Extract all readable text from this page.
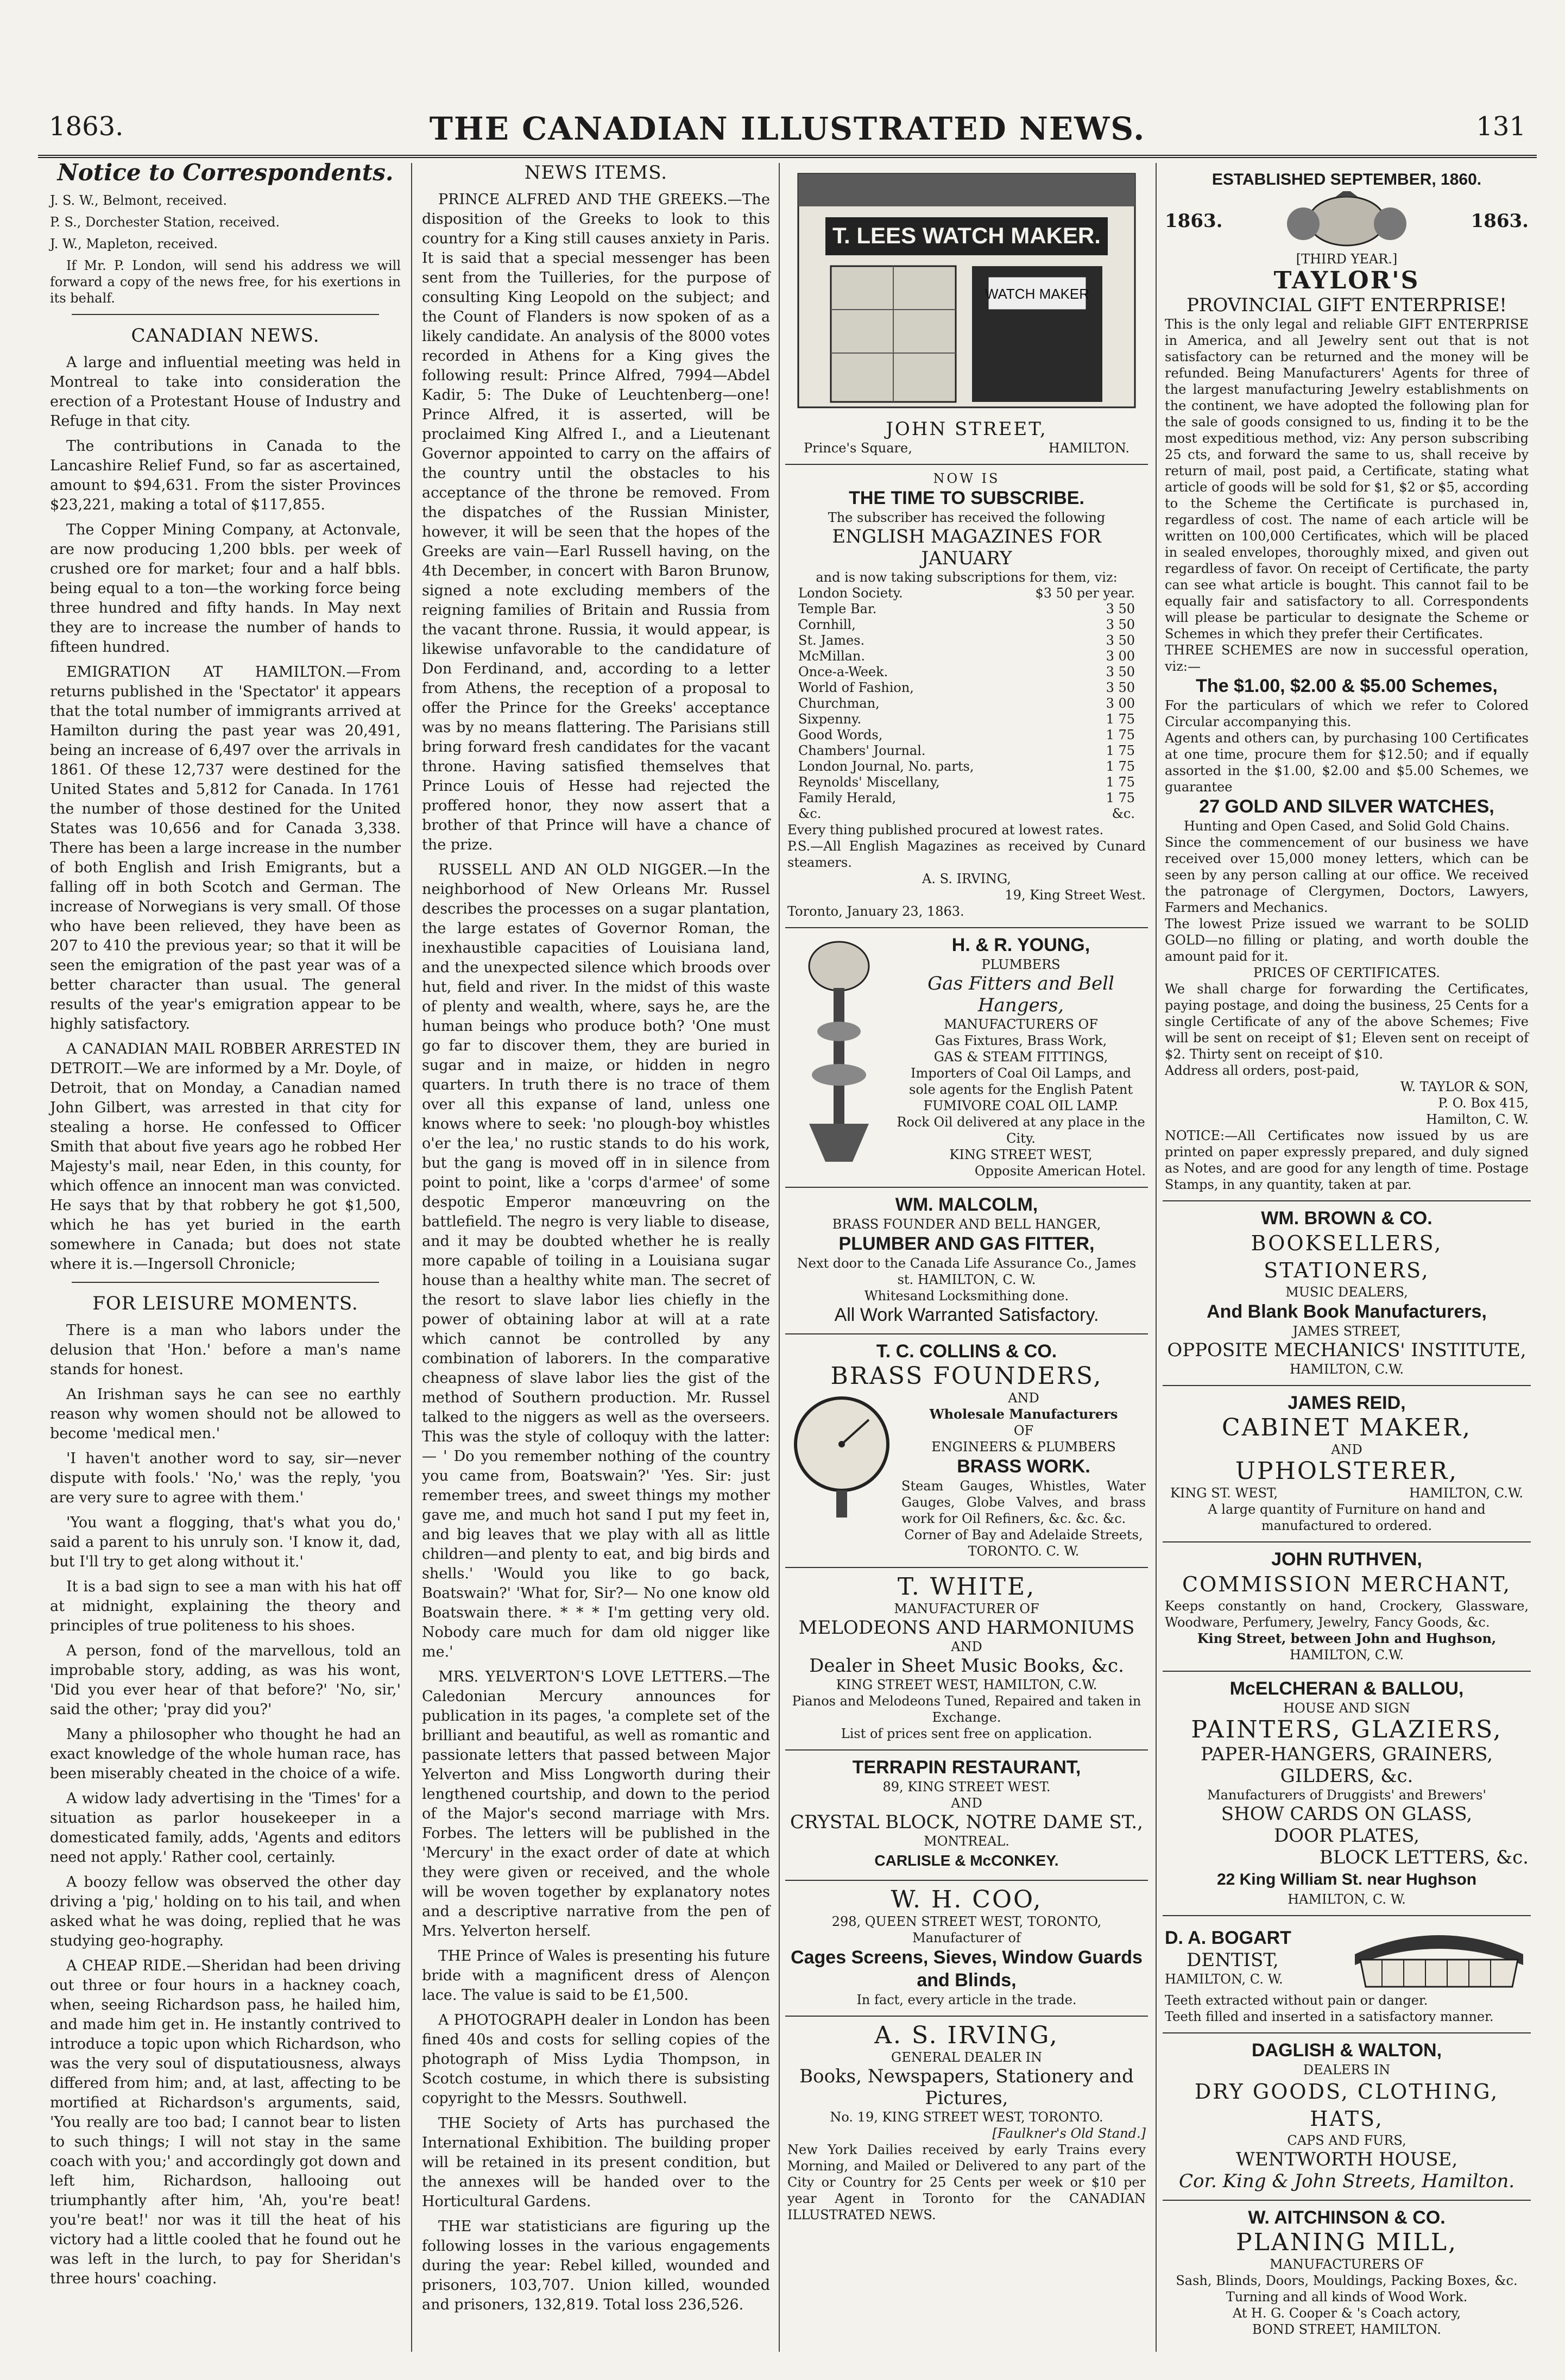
1863.	THE CANADIAN ILLUSTRATED NEWS.	131
Notice to Correspondents.

J. S. W., Belmont, received.

P. S., Dorchester Station, received.

J. W., Mapleton, received.

If Mr. P. London, will send his address we will forward a copy of the news free, for his exertions in its behalf.

CANADIAN NEWS.

A large and influential meeting was held in Montreal to take into consideration the erection of a Protestant House of Industry and Refuge in that city.

The contributions in Canada to the Lancashire Relief Fund, so far as ascertained, amount to $94,631. From the sister Provinces $23,221, making a total of $117,855.

The Copper Mining Company, at Actonvale, are now producing 1,200 bbls. per week of crushed ore for market; four and a half bbls. being equal to a ton—the working force being three hundred and fifty hands. In May next they are to increase the number of hands to fifteen hundred.

EMIGRATION AT HAMILTON.—From returns published in the 'Spectator' it appears that the total number of immigrants arrived at Hamilton during the past year was 20,491, being an increase of 6,497 over the arrivals in 1861. Of these 12,737 were destined for the United States and 5,812 for Canada. In 1761 the number of those destined for the United States was 10,656 and for Canada 3,338. There has been a large increase in the number of both English and Irish Emigrants, but a falling off in both Scotch and German. The increase of Norwegians is very small. Of those who have been relieved, they have been as 207 to 410 the previous year; so that it will be seen the emigration of the past year was of a better character than usual. The general results of the year's emigration appear to be highly satisfactory.

A CANADIAN MAIL ROBBER ARRESTED IN DETROIT.—We are informed by a Mr. Doyle, of Detroit, that on Monday, a Canadian named John Gilbert, was arrested in that city for stealing a horse. He confessed to Officer Smith that about five years ago he robbed Her Majesty's mail, near Eden, in this county, for which offence an innocent man was convicted. He says that by that robbery he got $1,500, which he has yet buried in the earth somewhere in Canada; but does not state where it is.—Ingersoll Chronicle;

FOR LEISURE MOMENTS.

There is a man who labors under the delusion that 'Hon.' before a man's name stands for honest.

An Irishman says he can see no earthly reason why women should not be allowed to become 'medical men.'

'I haven't another word to say, sir—never dispute with fools.' 'No,' was the reply, 'you are very sure to agree with them.'

'You want a flogging, that's what you do,' said a parent to his unruly son. 'I know it, dad, but I'll try to get along without it.'

It is a bad sign to see a man with his hat off at midnight, explaining the theory and principles of true politeness to his shoes.

A person, fond of the marvellous, told an improbable story, adding, as was his wont, 'Did you ever hear of that before?' 'No, sir,' said the other; 'pray did you?'

Many a philosopher who thought he had an exact knowledge of the whole human race, has been miserably cheated in the choice of a wife.

A widow lady advertising in the 'Times' for a situation as parlor housekeeper in a domesticated family, adds, 'Agents and editors need not apply.' Rather cool, certainly.

A boozy fellow was observed the other day driving a 'pig,' holding on to his tail, and when asked what he was doing, replied that he was studying geo-hography.

A CHEAP RIDE.—Sheridan had been driving out three or four hours in a hackney coach, when, seeing Richardson pass, he hailed him, and made him get in. He instantly contrived to introduce a topic upon which Richardson, who was the very soul of disputatiousness, always differed from him; and, at last, affecting to be mortified at Richardson's arguments, said, 'You really are too bad; I cannot bear to listen to such things; I will not stay in the same coach with you;' and accordingly got down and left him, Richardson, hallooing out triumphantly after him, 'Ah, you're beat! you're beat!' nor was it till the heat of his victory had a little cooled that he found out he was left in the lurch, to pay for Sheridan's three hours' coaching.

NEWS ITEMS.

PRINCE ALFRED AND THE GREEKS.—The disposition of the Greeks to look to this country for a King still causes anxiety in Paris. It is said that a special messenger has been sent from the Tuilleries, for the purpose of consulting King Leopold on the subject; and the Count of Flanders is now spoken of as a likely candidate. An analysis of the 8000 votes recorded in Athens for a King gives the following result: Prince Alfred, 7994—Abdel Kadir, 5: The Duke of Leuchtenberg—one! Prince Alfred, it is asserted, will be proclaimed King Alfred I., and a Lieutenant Governor appointed to carry on the affairs of the country until the obstacles to his acceptance of the throne be removed. From the dispatches of the Russian Minister, however, it will be seen that the hopes of the Greeks are vain—Earl Russell having, on the 4th December, in concert with Baron Brunow, signed a note excluding members of the reigning families of Britain and Russia from the vacant throne. Russia, it would appear, is likewise unfavorable to the candidature of Don Ferdinand, and, according to a letter from Athens, the reception of a proposal to offer the Prince for the Greeks' acceptance was by no means flattering. The Parisians still bring forward fresh candidates for the vacant throne. Having satisfied themselves that Prince Louis of Hesse had rejected the proffered honor, they now assert that a brother of that Prince will have a chance of the prize.

RUSSELL AND AN OLD NIGGER.—In the neighborhood of New Orleans Mr. Russel describes the processes on a sugar plantation, the large estates of Governor Roman, the inexhaustible capacities of Louisiana land, and the unexpected silence which broods over hut, field and river. In the midst of this waste of plenty and wealth, where, says he, are the human beings who produce both? 'One must go far to discover them, they are buried in sugar and in maize, or hidden in negro quarters. In truth there is no trace of them over all this expanse of land, unless one knows where to seek: 'no plough-boy whistles o'er the lea,' no rustic stands to do his work, but the gang is moved off in in silence from point to point, like a 'corps d'armee' of some despotic Emperor manœuvring on the battlefield. The negro is very liable to disease, and it may be doubted whether he is really more capable of toiling in a Louisiana sugar house than a healthy white man. The secret of the resort to slave labor lies chiefly in the power of obtaining labor at will at a rate which cannot be controlled by any combination of laborers. In the comparative cheapness of slave labor lies the gist of the method of Southern production. Mr. Russel talked to the niggers as well as the overseers. This was the style of colloquy with the latter:— ' Do you remember nothing of the country you came from, Boatswain?' 'Yes. Sir: just remember trees, and sweet things my mother gave me, and much hot sand I put my feet in, and big leaves that we play with all as little children—and plenty to eat, and big birds and shells.' 'Would you like to go back, Boatswain?' 'What for, Sir?— No one know old Boatswain there. * * * I'm getting very old. Nobody care much for dam old nigger like me.'

MRS. YELVERTON'S LOVE LETTERS.—The Caledonian Mercury announces for publication in its pages, 'a complete set of the brilliant and beautiful, as well as romantic and passionate letters that passed between Major Yelverton and Miss Longworth during their lengthened courtship, and down to the period of the Major's second marriage with Mrs. Forbes. The letters will be published in the 'Mercury' in the exact order of date at which they were given or received, and the whole will be woven together by explanatory notes and a descriptive narrative from the pen of Mrs. Yelverton herself.

THE Prince of Wales is presenting his future bride with a magnificent dress of Alençon lace. The value is said to be £1,500.

A PHOTOGRAPH dealer in London has been fined 40s and costs for selling copies of the photograph of Miss Lydia Thompson, in Scotch costume, in which there is subsisting copyright to the Messrs. Southwell.

THE Society of Arts has purchased the International Exhibition. The building proper will be retained in its present condition, but the annexes will be handed over to the Horticultural Gardens.

THE war statisticians are figuring up the following losses in the various engagements during the year: Rebel killed, wounded and prisoners, 103,707. Union killed, wounded and prisoners, 132,819. Total loss 236,526.

T. LEES WATCH MAKER.
WATCH MAKER
JOHN STREET,
Prince's Square,	HAMILTON.
NOW IS
THE TIME TO SUBSCRIBE.
The subscriber has received the following
ENGLISH MAGAZINES FOR JANUARY
and is now taking subscriptions for them, viz:
London Society.	$3 50 per year.
Temple Bar.	3 50
Cornhill,	3 50
St. James.	3 50
McMillan.	3 00
Once-a-Week.	3 50
World of Fashion,	3 50
Churchman,	3 00
Sixpenny.	1 75
Good Words,	1 75
Chambers' Journal.	1 75
London Journal, No. parts,	1 75
Reynolds' Miscellany,	1 75
Family Herald,	1 75
&c.	&c.
Every thing published procured at lowest rates.
P.S.—All English Magazines as received by Cunard steamers.
A. S. IRVING,
19, King Street West.
Toronto, January 23, 1863.
H. & R. YOUNG,
PLUMBERS
Gas Fitters and Bell Hangers,
MANUFACTURERS OF
Gas Fixtures, Brass Work,
GAS & STEAM FITTINGS,
Importers of Coal Oil Lamps, and sole agents for the English Patent
FUMIVORE COAL OIL LAMP.
Rock Oil delivered at any place in the City.
KING STREET WEST,
Opposite American Hotel.
WM. MALCOLM,
BRASS FOUNDER AND BELL HANGER,
PLUMBER AND GAS FITTER,
Next door to the Canada Life Assurance Co., James st. HAMILTON, C. W.
Whitesand Locksmithing done.
All Work Warranted Satisfactory.
T. C. COLLINS & CO.
BRASS FOUNDERS,
AND
Wholesale Manufacturers
OF
ENGINEERS & PLUMBERS
BRASS WORK.
Steam Gauges, Whistles, Water Gauges, Globe Valves, and brass work for Oil Refiners, &c. &c. &c.
Corner of Bay and Adelaide Streets,
TORONTO. C. W.
T. WHITE,
MANUFACTURER OF
MELODEONS AND HARMONIUMS
AND
Dealer in Sheet Music Books, &c.
KING STREET WEST, HAMILTON, C.W.
Pianos and Melodeons Tuned, Repaired and taken in Exchange.
List of prices sent free on application.
TERRAPIN RESTAURANT,
89, KING STREET WEST.
AND
CRYSTAL BLOCK, NOTRE DAME ST.,
MONTREAL.
CARLISLE & McCONKEY.
W. H. COO,
298, QUEEN STREET WEST, TORONTO,
Manufacturer of
Cages Screens, Sieves, Window Guards and Blinds,
In fact, every article in the trade.
A. S. IRVING,
GENERAL DEALER IN
Books, Newspapers, Stationery and Pictures,
No. 19, KING STREET WEST, TORONTO.
[Faulkner's Old Stand.]
New York Dailies received by early Trains every Morning, and Mailed or Delivered to any part of the City or Country for 25 Cents per week or $10 per year Agent in Toronto for the CANADIAN ILLUSTRATED NEWS.
ESTABLISHED SEPTEMBER, 1860.
1863.	1863.
[THIRD YEAR.]
TAYLOR'S
PROVINCIAL GIFT ENTERPRISE!
This is the only legal and reliable GIFT ENTERPRISE in America, and all Jewelry sent out that is not satisfactory can be returned and the money will be refunded. Being Manufacturers' Agents for three of the largest manufacturing Jewelry establishments on the continent, we have adopted the following plan for the sale of goods consigned to us, finding it to be the most expeditious method, viz: Any person subscribing 25 cts, and forward the same to us, shall receive by return of mail, post paid, a Certificate, stating what article of goods will be sold for $1, $2 or $5, according to the Scheme the Certificate is purchased in, regardless of cost. The name of each article will be written on 100,000 Certificates, which will be placed in sealed envelopes, thoroughly mixed, and given out regardless of favor. On receipt of Certificate, the party can see what article is bought. This cannot fail to be equally fair and satisfactory to all. Correspondents will please be particular to designate the Scheme or Schemes in which they prefer their Certificates.
THREE SCHEMES are now in successful operation, viz:—
The $1.00, $2.00 & $5.00 Schemes,
For the particulars of which we refer to Colored Circular accompanying this.
Agents and others can, by purchasing 100 Certificates at one time, procure them for $12.50; and if equally assorted in the $1.00, $2.00 and $5.00 Schemes, we guarantee
27 GOLD AND SILVER WATCHES,
Hunting and Open Cased, and Solid Gold Chains.
Since the commencement of our business we have received over 15,000 money letters, which can be seen by any person calling at our office. We received the patronage of Clergymen, Doctors, Lawyers, Farmers and Mechanics.
The lowest Prize issued we warrant to be SOLID GOLD—no filling or plating, and worth double the amount paid for it.
PRICES OF CERTIFICATES.
We shall charge for forwarding the Certificates, paying postage, and doing the business, 25 Cents for a single Certificate of any of the above Schemes; Five will be sent on receipt of $1; Eleven sent on receipt of $2. Thirty sent on receipt of $10.
Address all orders, post-paid,
W. TAYLOR & SON,
P. O. Box 415,
Hamilton, C. W.
NOTICE:—All Certificates now issued by us are printed on paper expressly prepared, and duly signed as Notes, and are good for any length of time. Postage Stamps, in any quantity, taken at par.
WM. BROWN & CO.
BOOKSELLERS, STATIONERS,
MUSIC DEALERS,
And Blank Book Manufacturers,
JAMES STREET,
OPPOSITE MECHANICS' INSTITUTE,
HAMILTON, C.W.
JAMES REID,
CABINET MAKER,
AND
UPHOLSTERER,
KING ST. WEST,	HAMILTON, C.W.
A large quantity of Furniture on hand and manufactured to ordered.
JOHN RUTHVEN,
COMMISSION MERCHANT,
Keeps constantly on hand, Crockery, Glassware, Woodware, Perfumery, Jewelry, Fancy Goods, &c.
King Street, between John and Hughson,
HAMILTON, C.W.
McELCHERAN & BALLOU,
HOUSE AND SIGN
PAINTERS, GLAZIERS,
PAPER-HANGERS, GRAINERS,
GILDERS, &c.
Manufacturers of Druggists' and Brewers'
SHOW CARDS ON GLASS,
DOOR PLATES,
BLOCK LETTERS, &c.
22 King William St. near Hughson
HAMILTON, C. W.
D. A. BOGART
DENTIST,
HAMILTON, C. W.
Teeth extracted without pain or danger.
Teeth filled and inserted in a satisfactory manner.
DAGLISH & WALTON,
DEALERS IN
DRY GOODS, CLOTHING, HATS,
CAPS AND FURS,
WENTWORTH HOUSE,
Cor. King & John Streets, Hamilton.
W. AITCHINSON & CO.
PLANING MILL,
MANUFACTURERS OF
Sash, Blinds, Doors, Mouldings, Packing Boxes, &c. Turning and all kinds of Wood Work.
At H. G. Cooper & 's Coach actory,
BOND STREET, HAMILTON.
